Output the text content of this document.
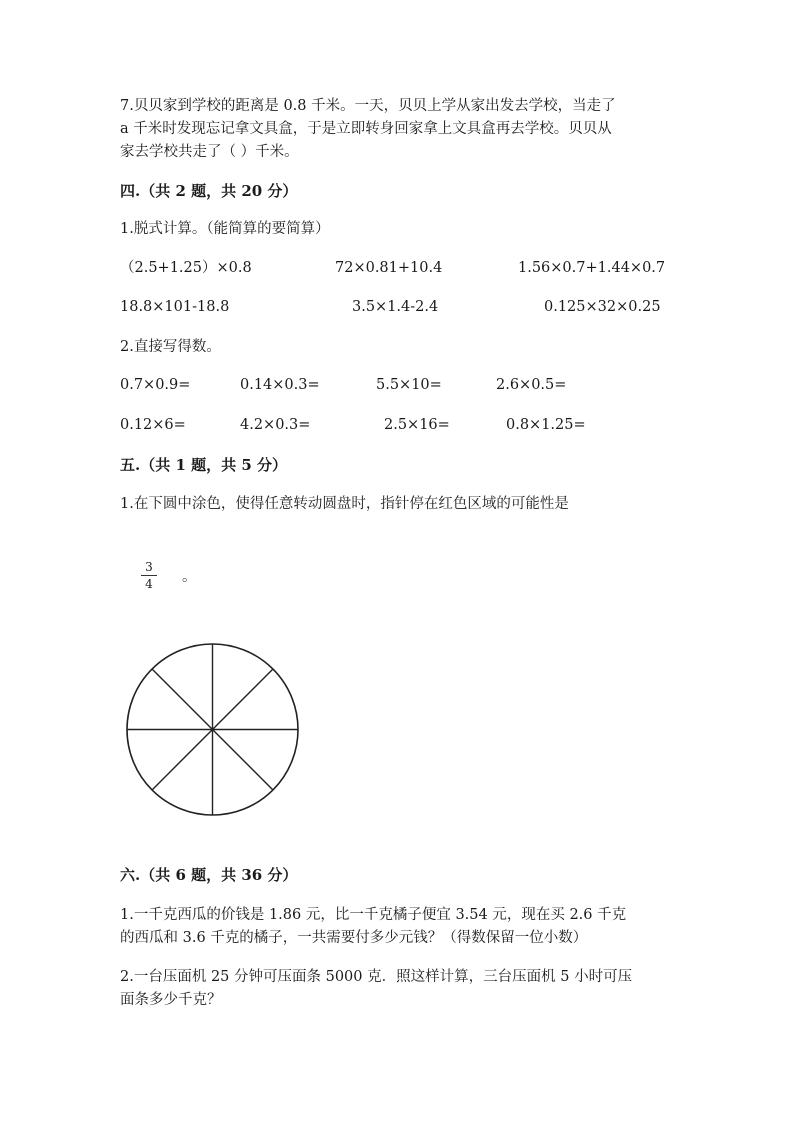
7.贝贝家到学校的距离是 0.8 千米。一天，贝贝上学从家出发去学校，当走了
a 千米时发现忘记拿文具盒，于是立即转身回家拿上文具盒再去学校。贝贝从
家去学校共走了（ ）千米。
四.（共 2 题，共 20 分）
1.脱式计算。（能简算的要简算）
（2.5+1.25）×0.8	72×0.81+10.4	1.56×0.7+1.44×0.7
18.8×101-18.8	3.5×1.4-2.4	0.125×32×0.25
2.直接写得数。
0.7×0.9=	0.14×0.3=	5.5×10=	2.6×0.5=
0.12×6=	4.2×0.3=	2.5×16=	0.8×1.25=
五.（共 1 题，共 5 分）
1.在下圆中涂色，使得任意转动圆盘时，指针停在红色区域的可能性是
3
4 。
六.（共 6 题，共 36 分）
1.一千克西瓜的价钱是 1.86 元，比一千克橘子便宜 3.54 元，现在买 2.6 千克
的西瓜和 3.6 千克的橘子，一共需要付多少元钱？（得数保留一位小数）
2.一台压面机 25 分钟可压面条 5000 克．照这样计算，三台压面机 5 小时可压
面条多少千克？
